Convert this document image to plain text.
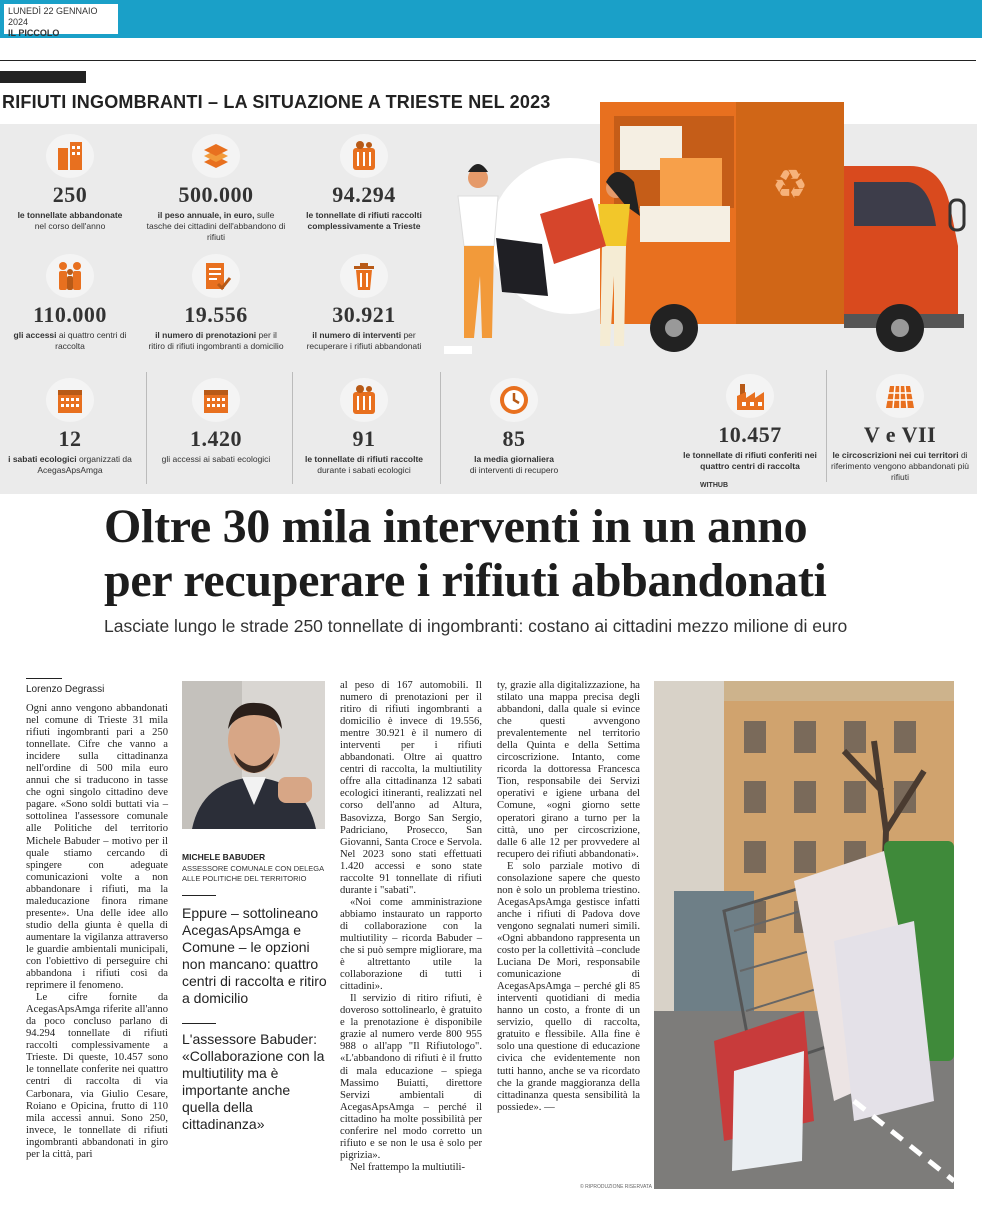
LUNEDÌ 22 GENNAIO 2024
IL PICCOLO
RIFIUTI INGOMBRANTI – LA SITUAZIONE A TRIESTE NEL 2023
♻
250
le tonnellate abbandonate
nel corso dell'anno
500.000
il peso annuale, in euro, sulle tasche dei cittadini dell'abbandono di rifiuti
94.294
le tonnellate di rifiuti raccolti complessivamente a Trieste
110.000
gli accessi ai quattro centri di raccolta
19.556
il numero di prenotazioni per il ritiro di rifiuti ingombranti a domicilio
30.921
il numero di interventi per recuperare i rifiuti abbandonati
12
i sabati ecologici organizzati da AcegasApsAmga
1.420
gli accessi ai sabati ecologici
91
le tonnellate di rifiuti raccolte durante i sabati ecologici
85
la media giornaliera
di interventi di recupero
10.457
le tonnellate di rifiuti conferiti nei quattro centri di raccolta
V e VII
le circoscrizioni nei cui territori di riferimento vengono abbandonati più rifiuti
WITHUB
Oltre 30 mila interventi in un anno
per recuperare i rifiuti abbandonati
Lasciate lungo le strade 250 tonnellate di ingombranti: costano ai cittadini mezzo milione di euro
Lorenzo Degrassi

Ogni anno vengono abbandonati nel comune di Trieste 31 mila rifiuti ingombranti pari a 250 tonnellate. Cifre che vanno a incidere sulla cittadinanza nell'ordine di 500 mila euro annui che si traducono in tasse che ogni singolo cittadino deve pagare. «Sono soldi buttati via – sottolinea l'assessore comunale alle Politiche del territorio Michele Babuder – motivo per il quale stiamo cercando di spingere con adeguate comunicazioni volte a non abbandonare i rifiuti, ma la maleducazione finora rimane presente». Una delle idee allo studio della giunta è quella di aumentare la vigilanza attraverso le guardie ambientali municipali, con l'obiettivo di perseguire chi abbandona i rifiuti così da reprimere il fenomeno.

Le cifre fornite da AcegasApsAmga riferite all'anno da poco concluso parlano di 94.294 tonnellate di rifiuti raccolti complessivamente a Trieste. Di queste, 10.457 sono le tonnellate conferite nei quattro centri di raccolta di via Carbonara, via Giulio Cesare, Roiano e Opicina, frutto di 110 mila accessi annui. Sono 250, invece, le tonnellate di rifiuti ingombranti abbandonati in giro per la città, pari

MICHELE BABUDER
ASSESSORE COMUNALE CON DELEGA ALLE POLITICHE DEL TERRITORIO
Eppure – sottolineano AcegasApsAmga e Comune – le opzioni non mancano: quattro centri di raccolta e ritiro a domicilio
L'assessore Babuder: «Collaborazione con la multiutility ma è importante anche quella della cittadinanza»

al peso di 167 automobili. Il numero di prenotazioni per il ritiro di rifiuti ingombranti a domicilio è invece di 19.556, mentre 30.921 è il numero di interventi per i rifiuti abbandonati. Oltre ai quattro centri di raccolta, la multiutility offre alla cittadinanza 12 sabati ecologici itineranti, realizzati nel corso dell'anno ad Altura, Basovizza, Borgo San Sergio, Padriciano, Prosecco, San Giovanni, Santa Croce e Servola. Nel 2023 sono stati effettuati 1.420 accessi e sono state raccolte 91 tonnellate di rifiuti durante i "sabati".

«Noi come amministrazione abbiamo instaurato un rapporto di collaborazione con la multiutility – ricorda Babuder – che si può sempre migliorare, ma è altrettanto utile la collaborazione di tutti i cittadini».

Il servizio di ritiro rifiuti, è doveroso sottolinearlo, è gratuito e la prenotazione è disponibile grazie al numero verde 800 955 988 o all'app "Il Rifiutologo". «L'abbandono di rifiuti è il frutto di mala educazione – spiega Massimo Buiatti, direttore Servizi ambientali di AcegasApsAmga – perché il cittadino ha molte possibilità per conferire nel modo corretto un rifiuto e se non le usa è solo per pigrizia».

Nel frattempo la multiutili-

ty, grazie alla digitalizzazione, ha stilato una mappa precisa degli abbandoni, dalla quale si evince che questi avvengono prevalentemente nel territorio della Quinta e della Settima circoscrizione. Intanto, come ricorda la dottoressa Francesca Tion, responsabile dei Servizi operativi e igiene urbana del Comune, «ogni giorno sette operatori girano a turno per la città, uno per circoscrizione, dalle 6 alle 12 per provvedere al recupero dei rifiuti abbandonati».

E solo parziale motivo di consolazione sapere che questo non è solo un problema triestino. AcegasApsAmga gestisce infatti anche i rifiuti di Padova dove vengono segnalati numeri simili. «Ogni abbandono rappresenta un costo per la collettività –conclude Luciana De Mori, responsabile comunicazione di AcegasApsAmga – perché gli 85 interventi quotidiani di media hanno un costo, a fronte di un servizio, quello di raccolta, gratuito e flessibile. Alla fine è solo una questione di educazione civica che evidentemente non tutti hanno, anche se va ricordato che la grande maggioranza della cittadinanza questa sensibilità la possiede». —

© RIPRODUZIONE RISERVATA
